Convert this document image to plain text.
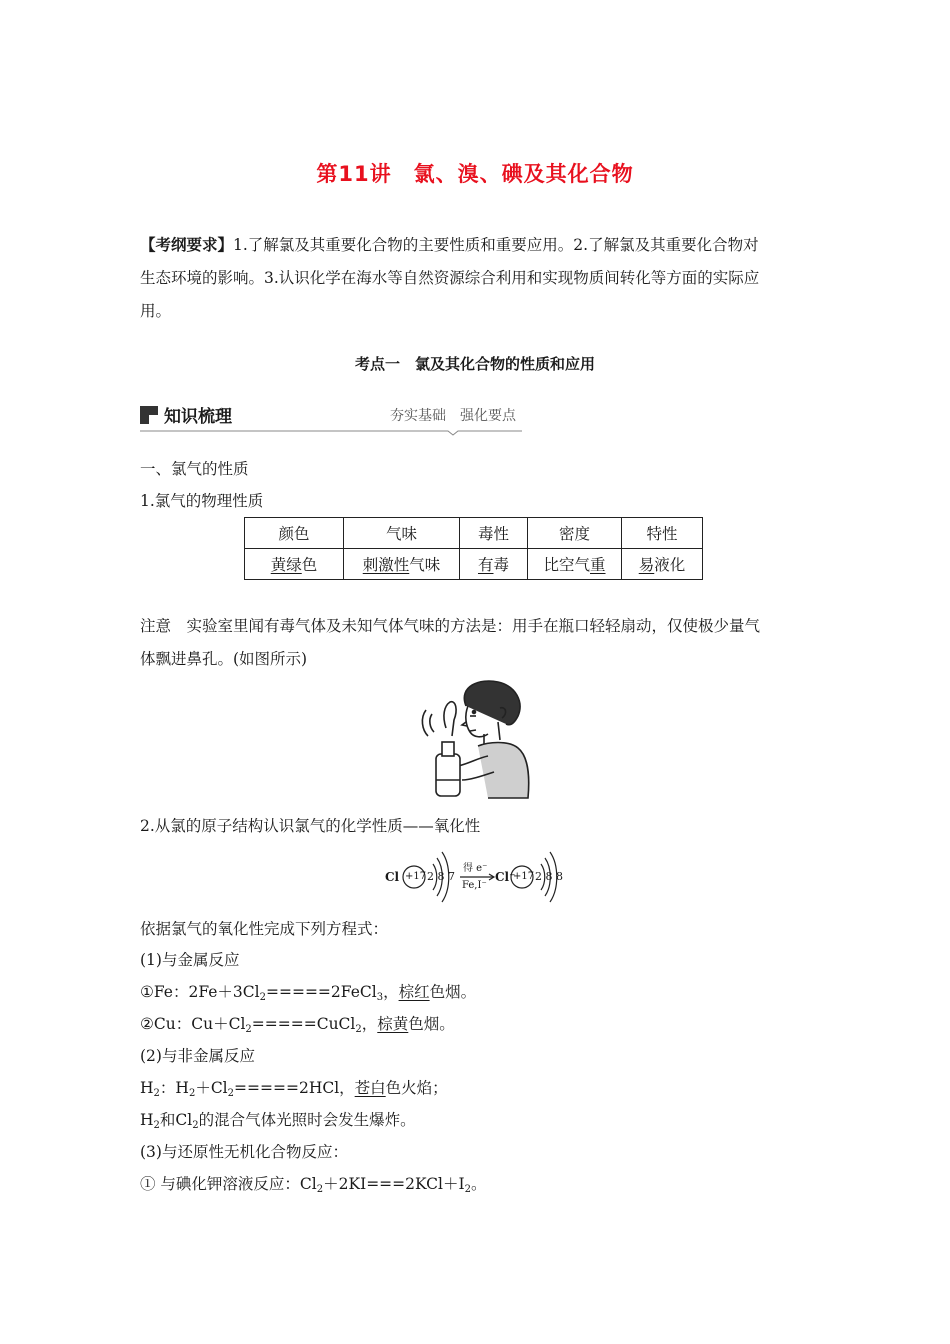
第11讲　氯、溴、碘及其化合物
【考纲要求】1.了解氯及其重要化合物的主要性质和重要应用。2.了解氯及其重要化合物对
生态环境的影响。3.认识化学在海水等自然资源综合利用和实现物质间转化等方面的实际应
用。
考点一　氯及其化合物的性质和应用
知识梳理	夯实基础　强化要点
一、氯气的性质
1.氯气的物理性质
颜色	气味	毒性	密度	特性
黄绿色	刺激性气味	有毒	比空气重	易液化
注意　实验室里闻有毒气体及未知气体气味的方法是：用手在瓶口轻轻扇动，仅使极少量气
体飘进鼻孔。(如图所示)
2.从氯的原子结构认识氯气的化学性质——氧化性
Cl +17 2 8 7
得 e⁻
Fe,I⁻
Cl⁻
+17 2 8 8
依据氯气的氧化性完成下列方程式：
(1)与金属反应
①Fe：$2Fe+3Cl_2=====2FeCl_3$，棕红色烟。
②Cu：$Cu+Cl_2=====CuCl_2$，棕黄色烟。
(2)与非金属反应
$H_2$：$H_2+Cl_2=====2HCl$，苍白色火焰；
$H_2$和$Cl_2$的混合气体光照时会发生爆炸。
(3)与还原性无机化合物反应：
① 与碘化钾溶液反应：$Cl_2+2KI===2KCl+I_2$。
